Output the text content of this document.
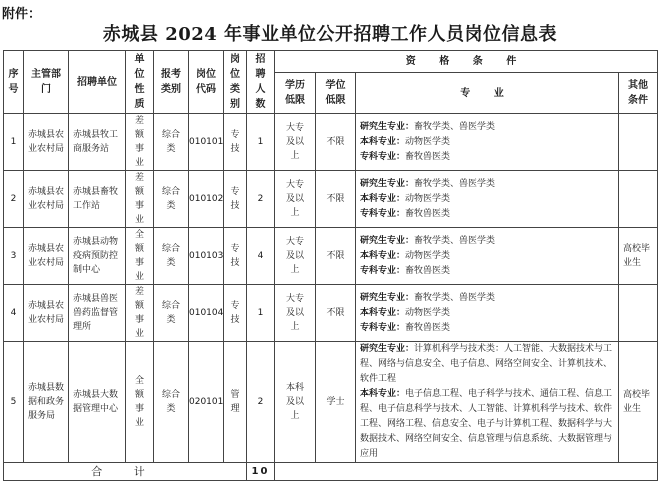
附件：
赤城县 2024 年事业单位公开招聘工作人员岗位信息表
序号	主管部门	招聘单位	单位性质	报考类别	岗位代码	岗位类别	招聘人数	资 格 条 件			
								学历低限	学位低限	专 业	其他条件
1	赤城县农业农村局	赤城县牧工商服务站	差额事业	综合类	010101	专技	1	大专及以上	不限	研究生专业：畜牧学类、兽医学类

本科专业：动物医学类

专科专业：畜牧兽医类	

2	赤城县农业农村局	赤城县畜牧工作站	差额事业	综合类	010102	专技	2	大专及以上	不限	研究生专业：畜牧学类、兽医学类

本科专业：动物医学类

专科专业：畜牧兽医类	

3	赤城县农业农村局	赤城县动物疫病预防控制中心	全额事业	综合类	010103	专技	4	大专及以上	不限	研究生专业：畜牧学类、兽医学类

本科专业：动物医学类

专科专业：畜牧兽医类	高校毕业生
4	赤城县农业农村局	赤城县兽医兽药监督管理所	差额事业	综合类	010104	专技	1	大专及以上	不限	研究生专业：畜牧学类、兽医学类

本科专业：动物医学类

专科专业：畜牧兽医类	

5	赤城县数据和政务服务局	赤城县大数据管理中心	全额事业	综合类	020101	管理	2	本科及以上	学士	研究生专业：计算机科学与技术类：人工智能、大数据技术与工程、网络与信息安全、电子信息、网络空间安全、计算机技术、软件工程

本科专业：电子信息工程、电子科学与技术、通信工程、信息工程、电子信息科学与技术、人工智能、计算机科学与技术、软件工程、网络工程、信息安全、电子与计算机工程、数据科学与大数据技术、网络空间安全、信息管理与信息系统、大数据管理与应用	高校毕业生
合 计							10				
